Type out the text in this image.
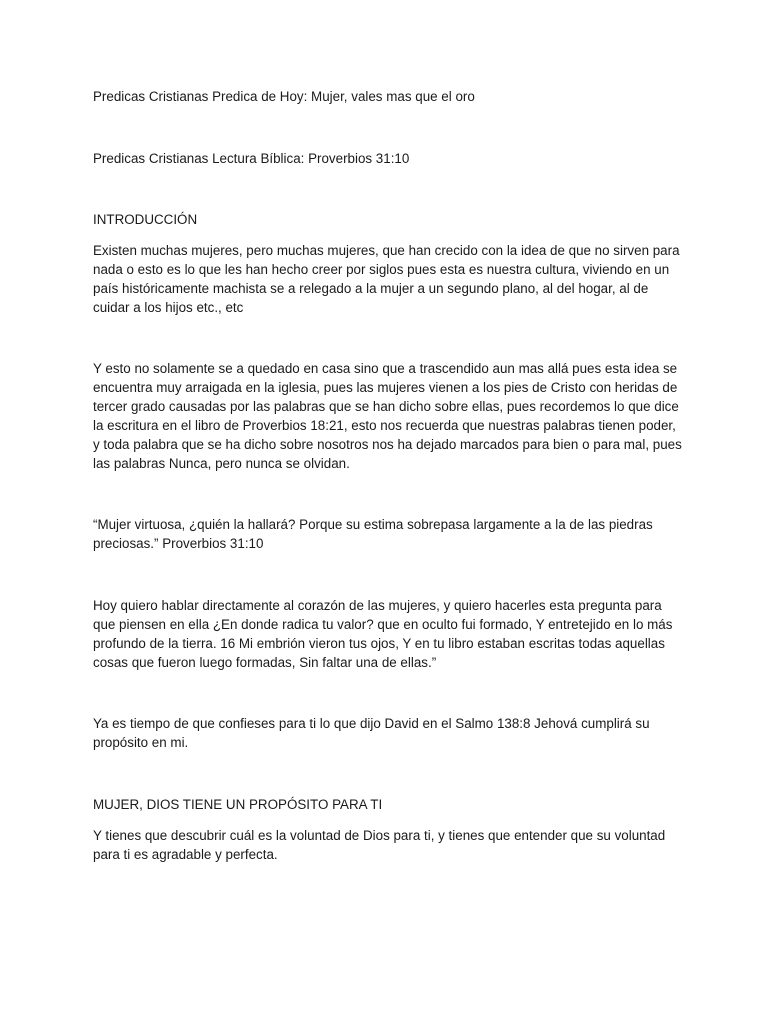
Predicas Cristianas Predica de Hoy: Mujer, vales mas que el oro

Predicas Cristianas Lectura Bíblica: Proverbios 31:10

INTRODUCCIÓN

Existen muchas mujeres, pero muchas mujeres, que han crecido con la idea de que no sirven para nada o esto es lo que les han hecho creer por siglos pues esta es nuestra cultura, viviendo en un país históricamente machista se a relegado a la mujer a un segundo plano, al del hogar, al de cuidar a los hijos etc., etc

Y esto no solamente se a quedado en casa sino que a trascendido aun mas allá pues esta idea se encuentra muy arraigada en la iglesia, pues las mujeres vienen a los pies de Cristo con heridas de tercer grado causadas por las palabras que se han dicho sobre ellas, pues recordemos lo que dice la escritura en el libro de Proverbios 18:21, esto nos recuerda que nuestras palabras tienen poder, y toda palabra que se ha dicho sobre nosotros nos ha dejado marcados para bien o para mal, pues las palabras Nunca, pero nunca se olvidan.

“Mujer virtuosa, ¿quién la hallará? Porque su estima sobrepasa largamente a la de las piedras preciosas.” Proverbios 31:10

Hoy quiero hablar directamente al corazón de las mujeres, y quiero hacerles esta pregunta para que piensen en ella ¿En donde radica tu valor? que en oculto fui formado, Y entretejido en lo más profundo de la tierra. 16 Mi embrión vieron tus ojos, Y en tu libro estaban escritas todas aquellas cosas que fueron luego formadas, Sin faltar una de ellas.”

Ya es tiempo de que confieses para ti lo que dijo David en el Salmo 138:8 Jehová cumplirá su propósito en mi.

MUJER, DIOS TIENE UN PROPÓSITO PARA TI

Y tienes que descubrir cuál es la voluntad de Dios para ti, y tienes que entender que su voluntad para ti es agradable y perfecta.
